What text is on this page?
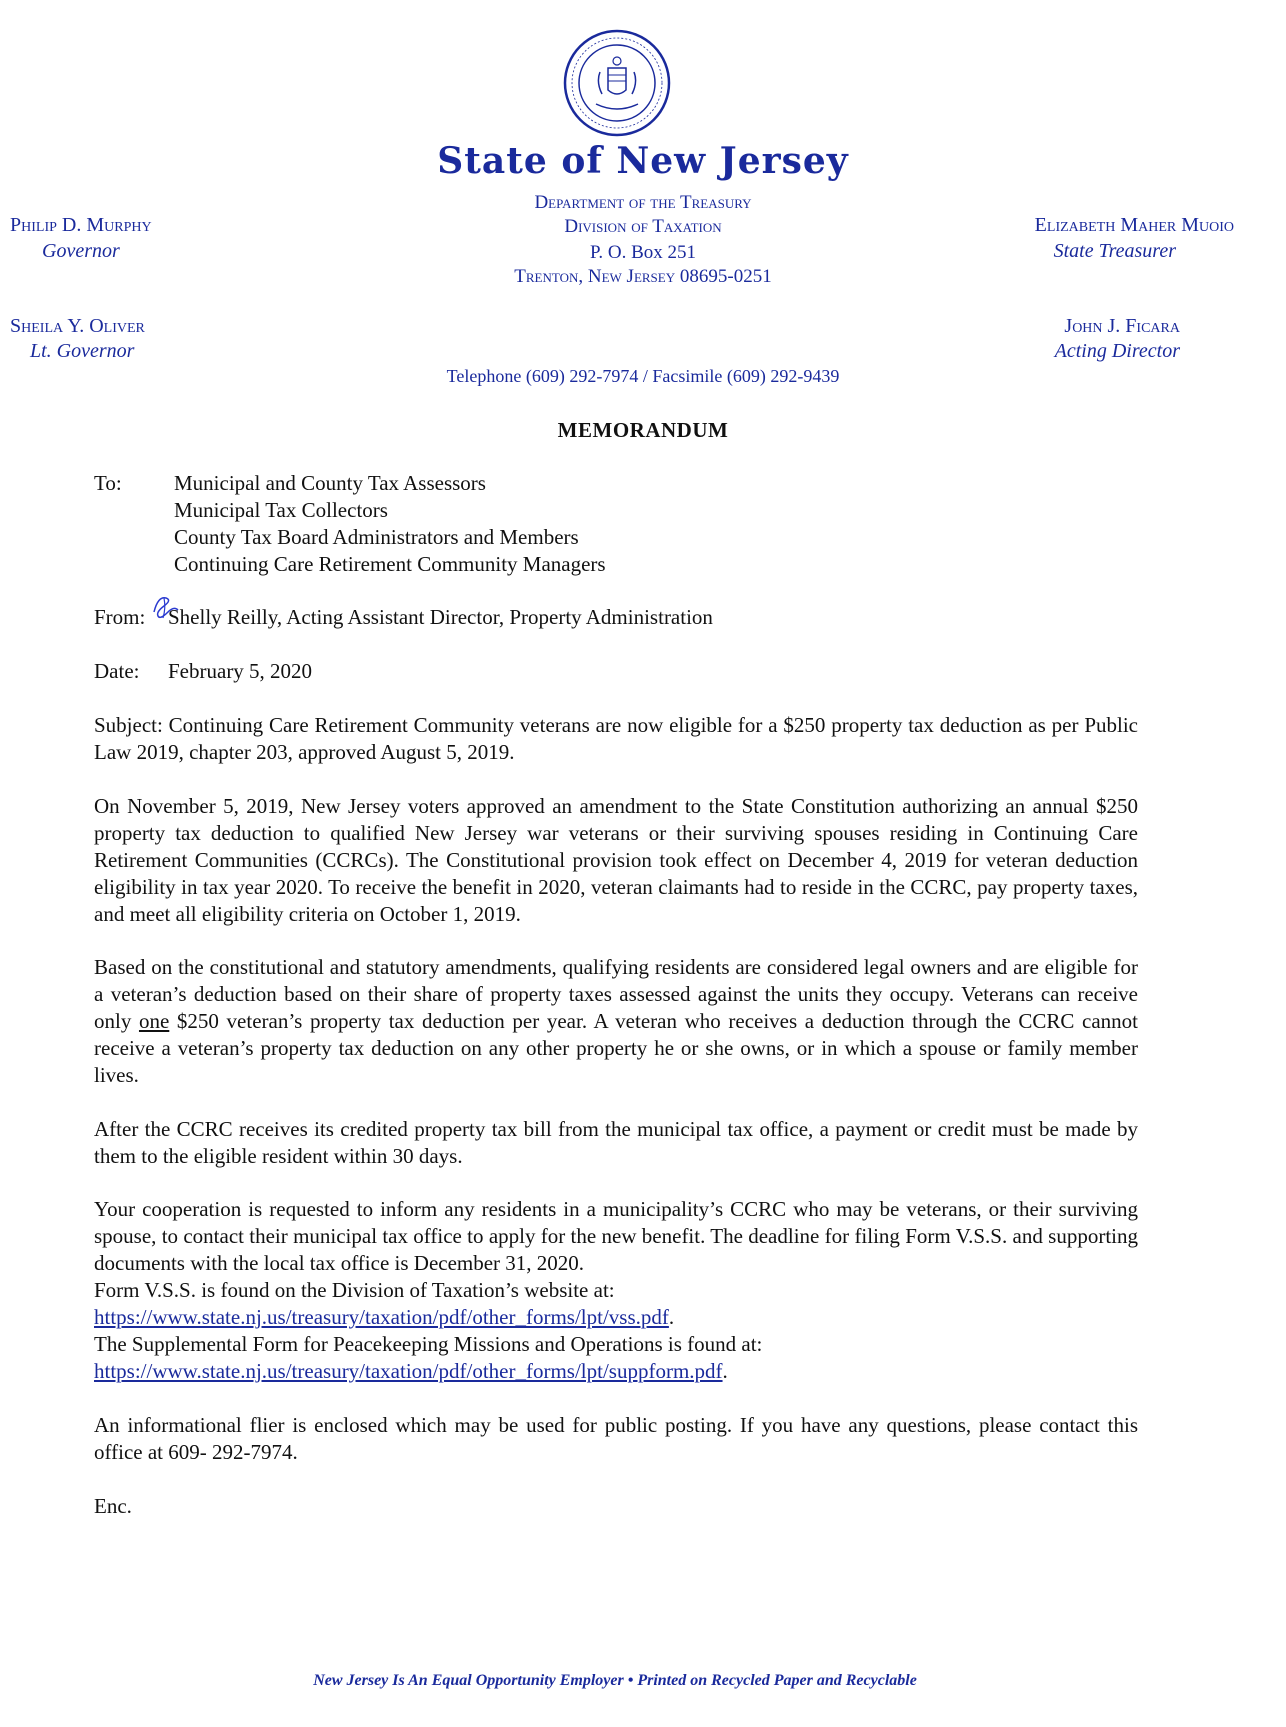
State of New Jersey
Department of the Treasury
Division of Taxation
P. O. Box 251
Trenton, New Jersey 08695-0251
Philip D. Murphy
Governor
Sheila Y. Oliver
Lt. Governor
Elizabeth Maher Muoio
State Treasurer
John J. Ficara
Acting Director
Telephone (609) 292-7974 / Facsimile (609) 292-9439
MEMORANDUM
To: Municipal and County Tax Assessors
Municipal Tax Collectors
County Tax Board Administrators and Members
Continuing Care Retirement Community Managers
From: Shelly Reilly, Acting Assistant Director, Property Administration
Date: February 5, 2020

Subject: Continuing Care Retirement Community veterans are now eligible for a $250 property tax deduction as per Public Law 2019, chapter 203, approved August 5, 2019.

On November 5, 2019, New Jersey voters approved an amendment to the State Constitution authorizing an annual $250 property tax deduction to qualified New Jersey war veterans or their surviving spouses residing in Continuing Care Retirement Communities (CCRCs). The Constitutional provision took effect on December 4, 2019 for veteran deduction eligibility in tax year 2020. To receive the benefit in 2020, veteran claimants had to reside in the CCRC, pay property taxes, and meet all eligibility criteria on October 1, 2019.

Based on the constitutional and statutory amendments, qualifying residents are considered legal owners and are eligible for a veteran’s deduction based on their share of property taxes assessed against the units they occupy. Veterans can receive only one $250 veteran’s property tax deduction per year. A veteran who receives a deduction through the CCRC cannot receive a veteran’s property tax deduction on any other property he or she owns, or in which a spouse or family member lives.

After the CCRC receives its credited property tax bill from the municipal tax office, a payment or credit must be made by them to the eligible resident within 30 days.

Your cooperation is requested to inform any residents in a municipality’s CCRC who may be veterans, or their surviving spouse, to contact their municipal tax office to apply for the new benefit. The deadline for filing Form V.S.S. and supporting documents with the local tax office is December 31, 2020.

Form V.S.S. is found on the Division of Taxation’s website at:
https://www.state.nj.us/treasury/taxation/pdf/other_forms/lpt/vss.pdf.
The Supplemental Form for Peacekeeping Missions and Operations is found at:
https://www.state.nj.us/treasury/taxation/pdf/other_forms/lpt/suppform.pdf.

An informational flier is enclosed which may be used for public posting. If you have any questions, please contact this office at 609- 292-7974.

Enc.
New Jersey Is An Equal Opportunity Employer • Printed on Recycled Paper and Recyclable
